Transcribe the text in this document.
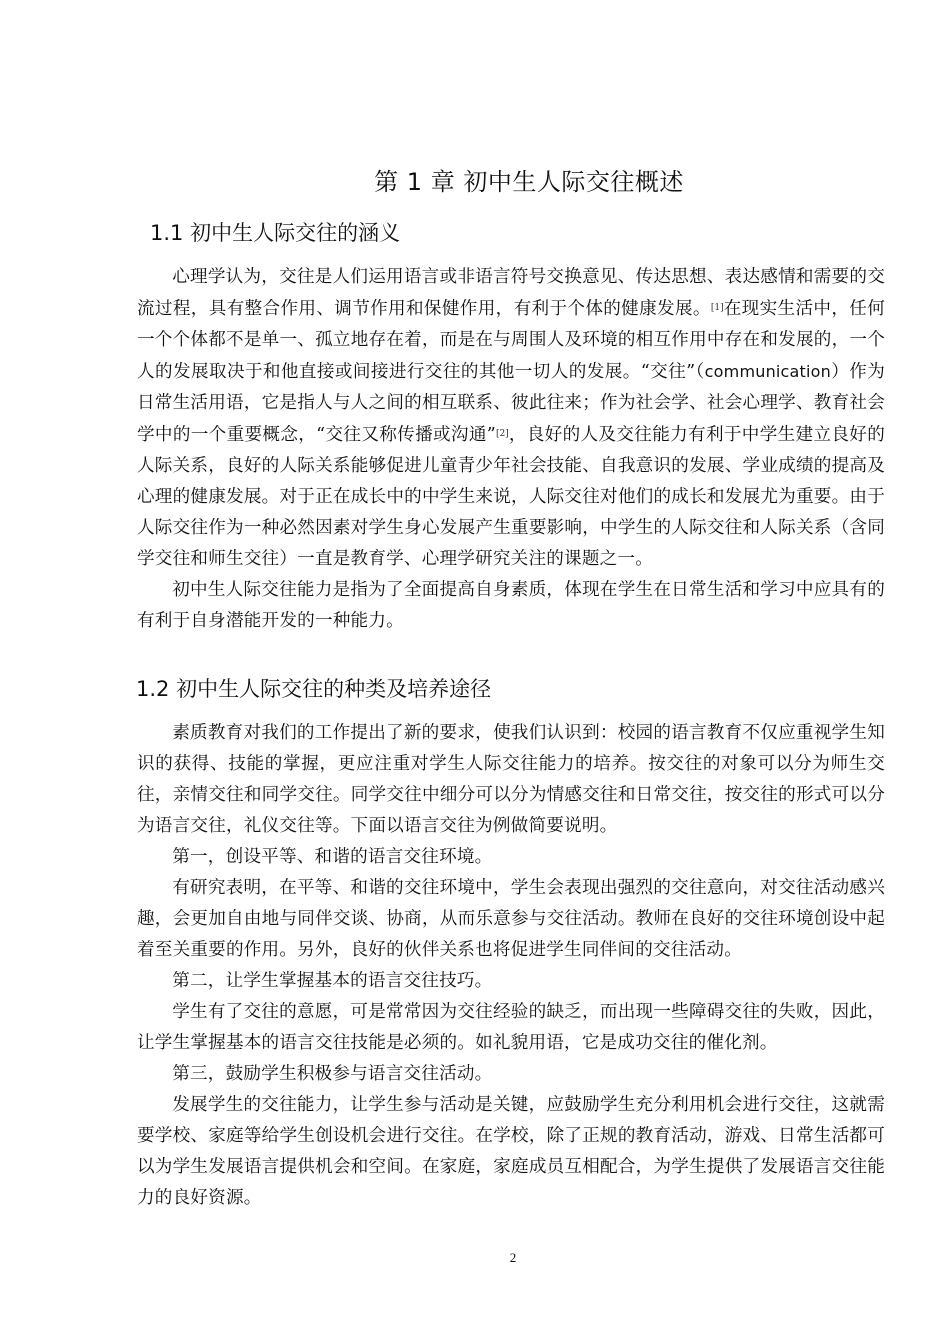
第 1 章 初中生人际交往概述
1.1 初中生人际交往的涵义

心理学认为，交往是人们运用语言或非语言符号交换意见、传达思想、表达感情和需要的交流过程，具有整合作用、调节作用和保健作用，有利于个体的健康发展。[1]在现实生活中，任何一个个体都不是单一、孤立地存在着，而是在与周围人及环境的相互作用中存在和发展的，一个人的发展取决于和他直接或间接进行交往的其他一切人的发展。“交往”（communication）作为日常生活用语，它是指人与人之间的相互联系、彼此往来；作为社会学、社会心理学、教育社会学中的一个重要概念，“交往又称传播或沟通”[2]，良好的人及交往能力有利于中学生建立良好的人际关系，良好的人际关系能够促进儿童青少年社会技能、自我意识的发展、学业成绩的提高及心理的健康发展。对于正在成长中的中学生来说，人际交往对他们的成长和发展尤为重要。由于人际交往作为一种必然因素对学生身心发展产生重要影响，中学生的人际交往和人际关系（含同学交往和师生交往）一直是教育学、心理学研究关注的课题之一。

初中生人际交往能力是指为了全面提高自身素质，体现在学生在日常生活和学习中应具有的有利于自身潜能开发的一种能力。

1.2 初中生人际交往的种类及培养途径

素质教育对我们的工作提出了新的要求，使我们认识到：校园的语言教育不仅应重视学生知识的获得、技能的掌握，更应注重对学生人际交往能力的培养。按交往的对象可以分为师生交往，亲情交往和同学交往。同学交往中细分可以分为情感交往和日常交往，按交往的形式可以分为语言交往，礼仪交往等。下面以语言交往为例做简要说明。

第一，创设平等、和谐的语言交往环境。

有研究表明，在平等、和谐的交往环境中，学生会表现出强烈的交往意向，对交往活动感兴趣，会更加自由地与同伴交谈、协商，从而乐意参与交往活动。教师在良好的交往环境创设中起着至关重要的作用。另外，良好的伙伴关系也将促进学生同伴间的交往活动。

第二，让学生掌握基本的语言交往技巧。

学生有了交往的意愿，可是常常因为交往经验的缺乏，而出现一些障碍交往的失败，因此，让学生掌握基本的语言交往技能是必须的。如礼貌用语，它是成功交往的催化剂。

第三，鼓励学生积极参与语言交往活动。

发展学生的交往能力，让学生参与活动是关键，应鼓励学生充分利用机会进行交往，这就需要学校、家庭等给学生创设机会进行交往。在学校，除了正规的教育活动，游戏、日常生活都可以为学生发展语言提供机会和空间。在家庭，家庭成员互相配合，为学生提供了发展语言交往能力的良好资源。

2
